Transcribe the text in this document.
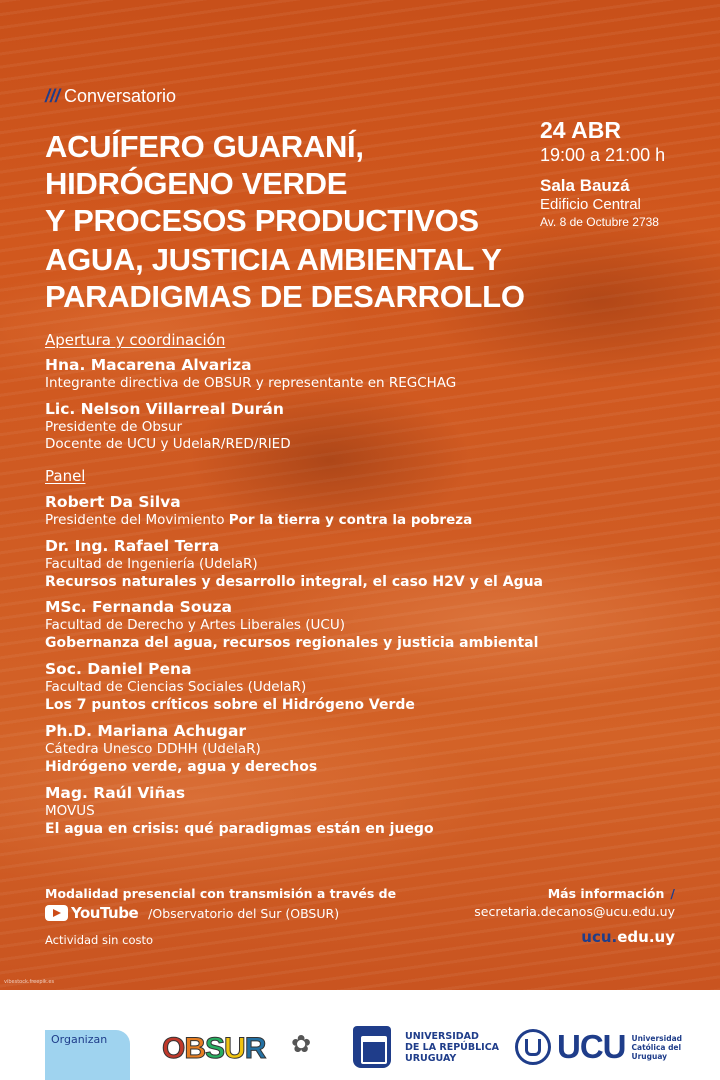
/// Conversatorio
ACUÍFERO GUARANÍ,
HIDRÓGENO VERDE
Y PROCESOS PRODUCTIVOS
AGUA, JUSTICIA AMBIENTAL Y
PARADIGMAS DE DESARROLLO
24 ABR
19:00 a 21:00 h
Sala Bauzá
Edificio Central
Av. 8 de Octubre 2738
Apertura y coordinación
Hna. Macarena Alvariza
Integrante directiva de OBSUR y representante en REGCHAG
Lic. Nelson Villarreal Durán
Presidente de Obsur
Docente de UCU y UdelaR/RED/RIED
Panel
Robert Da Silva
Presidente del Movimiento Por la tierra y contra la pobreza
Dr. Ing. Rafael Terra
Facultad de Ingeniería (UdelaR)
Recursos naturales y desarrollo integral, el caso H2V y el Agua
MSc. Fernanda Souza
Facultad de Derecho y Artes Liberales (UCU)
Gobernanza del agua, recursos regionales y justicia ambiental
Soc. Daniel Pena
Facultad de Ciencias Sociales (UdelaR)
Los 7 puntos críticos sobre el Hidrógeno Verde
Ph.D. Mariana Achugar
Cátedra Unesco DDHH (UdelaR)
Hidrógeno verde, agua y derechos
Mag. Raúl Viñas
MOVUS
El agua en crisis: qué paradigmas están en juego
Modalidad presencial con transmisión a través de
YouTube /Observatorio del Sur (OBSUR)
Actividad sin costo
Más información /
secretaria.decanos@ucu.edu.uy
ucu.edu.uy
vibestock.freepik.es
Organizan OBSUR ✿	UNIVERSIDAD
DE LA REPÚBLICA
URUGUAY	UCU Universidad
Católica del
Uruguay
